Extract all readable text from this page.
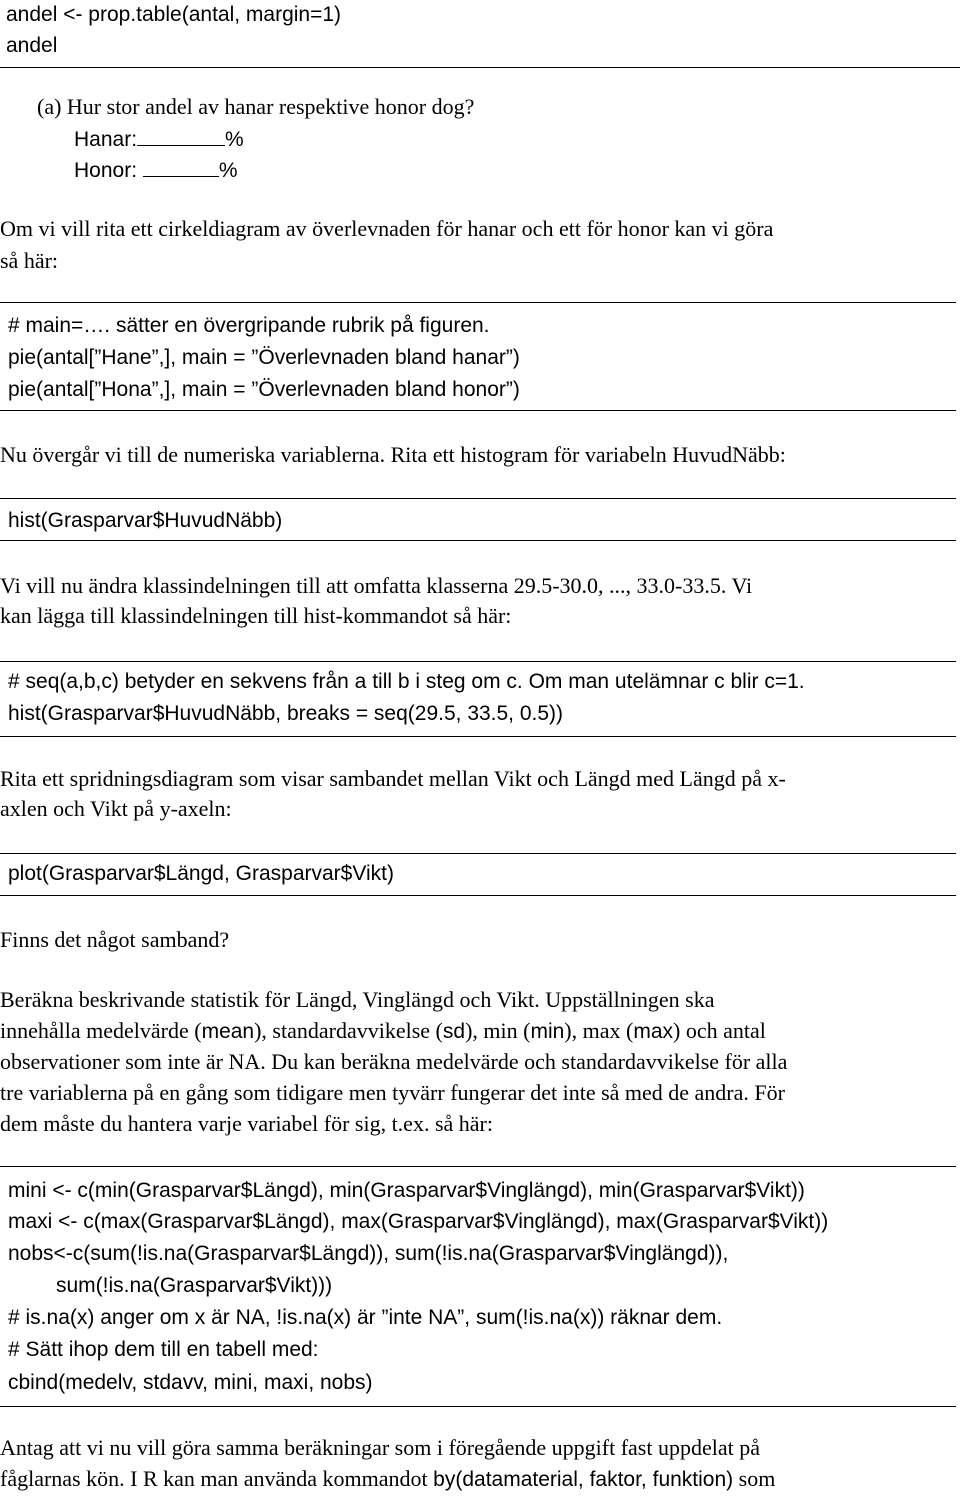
andel <- prop.table(antal, margin=1)
andel
(a) Hur stor andel av hanar respektive honor dog?
Hanar:	%
Honor:	%
Om vi vill rita ett cirkeldiagram av överlevnaden för hanar och ett för honor kan vi göra
så här:
# main=…. sätter en övergripande rubrik på figuren.
pie(antal[”Hane”,], main = ”Överlevnaden bland hanar”)
pie(antal[”Hona”,], main = ”Överlevnaden bland honor”)
Nu övergår vi till de numeriska variablerna. Rita ett histogram för variabeln HuvudNäbb:
hist(Grasparvar$HuvudNäbb)
Vi vill nu ändra klassindelningen till att omfatta klasserna 29.5-30.0, ..., 33.0-33.5. Vi
kan lägga till klassindelningen till hist-kommandot så här:
# seq(a,b,c) betyder en sekvens från a till b i steg om c. Om man utelämnar c blir c=1.
hist(Grasparvar$HuvudNäbb, breaks = seq(29.5, 33.5, 0.5))
Rita ett spridningsdiagram som visar sambandet mellan Vikt och Längd med Längd på x-
axlen och Vikt på y-axeln:
plot(Grasparvar$Längd, Grasparvar$Vikt)
Finns det något samband?
Beräkna beskrivande statistik för Längd, Vinglängd och Vikt. Uppställningen ska
innehålla medelvärde (mean), standardavvikelse (sd), min (min), max (max) och antal
observationer som inte är NA. Du kan beräkna medelvärde och standardavvikelse för alla
tre variablerna på en gång som tidigare men tyvärr fungerar det inte så med de andra. För
dem måste du hantera varje variabel för sig, t.ex. så här:
mini <- c(min(Grasparvar$Längd), min(Grasparvar$Vinglängd), min(Grasparvar$Vikt))
maxi <- c(max(Grasparvar$Längd), max(Grasparvar$Vinglängd), max(Grasparvar$Vikt))
nobs<-c(sum(!is.na(Grasparvar$Längd)), sum(!is.na(Grasparvar$Vinglängd)),
sum(!is.na(Grasparvar$Vikt)))
# is.na(x) anger om x är NA, !is.na(x) är ”inte NA”, sum(!is.na(x)) räknar dem.
# Sätt ihop dem till en tabell med:
cbind(medelv, stdavv, mini, maxi, nobs)
Antag att vi nu vill göra samma beräkningar som i föregående uppgift fast uppdelat på
fåglarnas kön. I R kan man använda kommandot by(datamaterial, faktor, funktion) som
